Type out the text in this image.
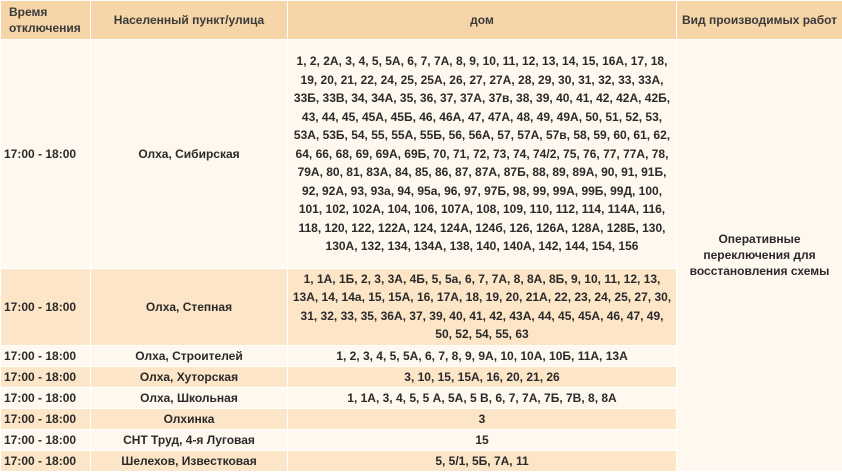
Время отключения	Населенный пункт/улица	дом	Вид производимых работ
17:00 - 18:00	Олха, Сибирская	1, 2, 2А, 3, 4, 5, 5А, 6, 7, 7А, 8, 9, 10, 11, 12, 13, 14, 15, 16А, 17, 18, 19, 20, 21, 22, 24, 25, 25А, 26, 27, 27А, 28, 29, 30, 31, 32, 33, 33А, 33Б, 33В, 34, 34А, 35, 36, 37, 37А, 37в, 38, 39, 40, 41, 42, 42А, 42Б, 43, 44, 45, 45А, 45Б, 46, 46А, 47, 47А, 48, 49, 49А, 50, 51, 52, 53, 53А, 53Б, 54, 55, 55А, 55Б, 56, 56А, 57, 57А, 57в, 58, 59, 60, 61, 62, 64, 66, 68, 69, 69А, 69Б, 70, 71, 72, 73, 74, 74/2, 75, 76, 77, 77А, 78, 79А, 80, 81, 83А, 84, 85, 86, 87, 87А, 87Б, 88, 89, 89А, 90, 91, 91Б, 92, 92А, 93, 93а, 94, 95а, 96, 97, 97Б, 98, 99, 99А, 99Б, 99Д, 100, 101, 102, 102А, 104, 106, 107А, 108, 109, 110, 112, 114, 114А, 116, 118, 120, 122, 122А, 124, 124А, 124б, 126, 126А, 128А, 128Б, 130, 130А, 132, 134, 134А, 138, 140, 140А, 142, 144, 154, 156	Оперативные переключения для восстановления схемы
17:00 - 18:00	Олха, Степная	1, 1А, 1Б, 2, 3, 3А, 4Б, 5, 5а, 6, 7, 7А, 8, 8А, 8Б, 9, 10, 11, 12, 13, 13А, 14, 14а, 15, 15А, 16, 17А, 18, 19, 20, 21А, 22, 23, 24, 25, 27, 30, 31, 32, 33, 35, 36А, 37, 39, 40, 41, 42, 43А, 44, 45, 45А, 46, 47, 49, 50, 52, 54, 55, 63	
17:00 - 18:00	Олха, Строителей	1, 2, 3, 4, 5, 5А, 6, 7, 8, 9, 9А, 10, 10А, 10Б, 11А, 13А	
17:00 - 18:00	Олха, Хуторская	3, 10, 15, 15А, 16, 20, 21, 26	
17:00 - 18:00	Олха, Школьная	1, 1А, 3, 4, 5, 5 А, 5А, 5 В, 6, 7, 7А, 7Б, 7В, 8, 8А	
17:00 - 18:00	Олхинка	3	
17:00 - 18:00	СНТ Труд, 4-я Луговая	15	
17:00 - 18:00	Шелехов, Известковая	5, 5/1, 5Б, 7А, 11	
